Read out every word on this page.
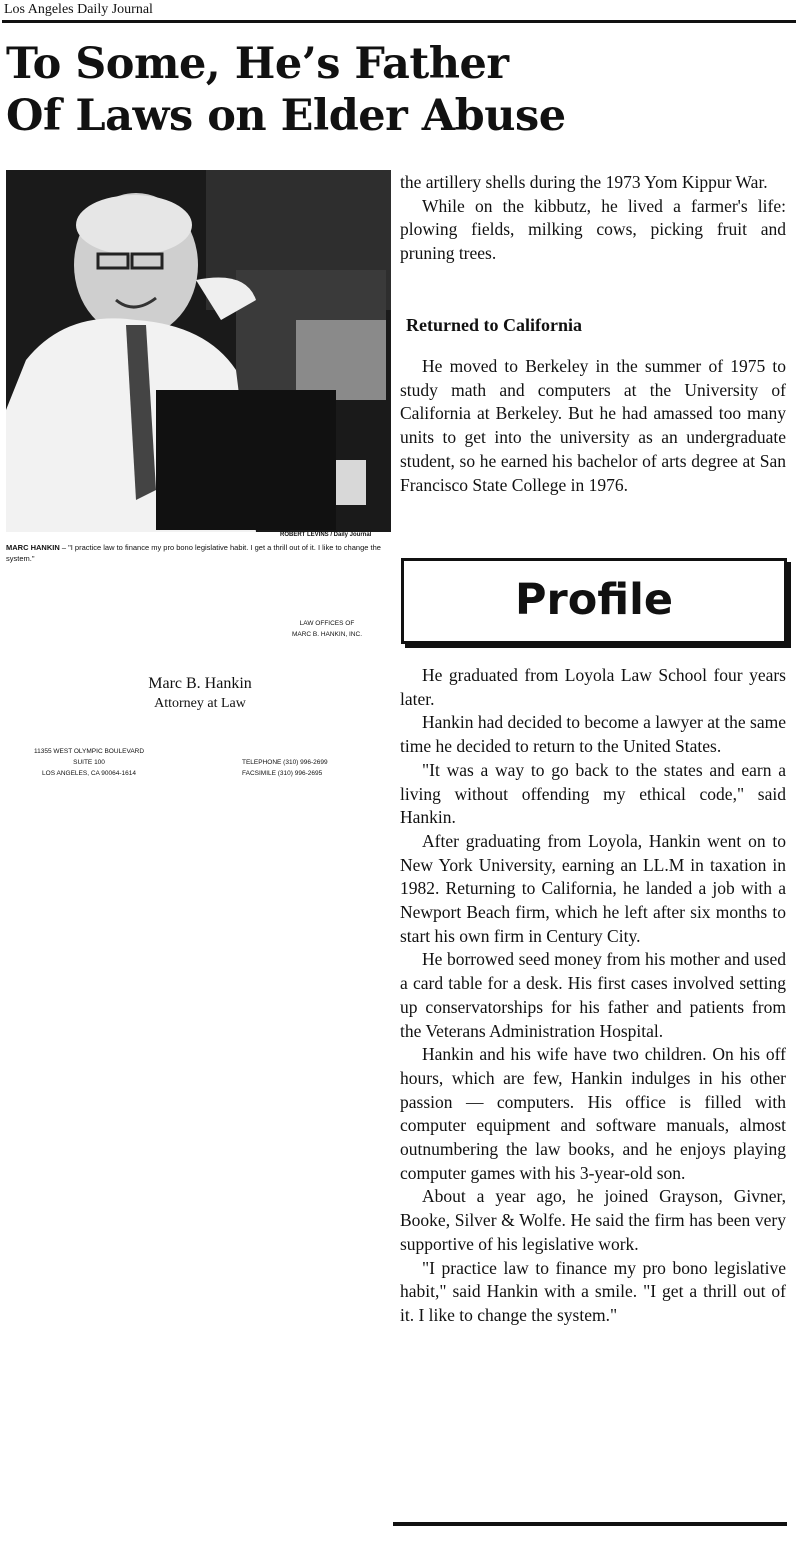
Los Angeles Daily Journal
To Some, He’s Father
Of Laws on Elder Abuse
ROBERT LEVINS / Daily Journal
MARC HANKIN – "I practice law to finance my pro bono legislative habit. I get a thrill out of it. I like to change the system."
LAW OFFICES OF
MARC B. HANKIN, INC.
Marc B. Hankin
Attorney at Law
11355 WEST OLYMPIC BOULEVARD
SUITE 100
LOS ANGELES, CA 90064-1614
TELEPHONE (310) 996-2699
FACSIMILE (310) 996-2695

the artillery shells during the 1973 Yom Kippur War.

While on the kibbutz, he lived a farmer's life: plowing fields, milking cows, picking fruit and pruning trees.

Returned to California

He moved to Berkeley in the summer of 1975 to study math and computers at the University of California at Berkeley. But he had amassed too many units to get into the university as an undergraduate student, so he earned his bachelor of arts degree at San Francisco State College in 1976.

Profile

He graduated from Loyola Law School four years later.

Hankin had decided to become a lawyer at the same time he decided to return to the United States.

"It was a way to go back to the states and earn a living without offending my ethical code," said Hankin.

After graduating from Loyola, Hankin went on to New York University, earning an LL.M in taxation in 1982. Returning to California, he landed a job with a Newport Beach firm, which he left after six months to start his own firm in Century City.

He borrowed seed money from his mother and used a card table for a desk. His first cases involved setting up conservatorships for his father and patients from the Veterans Administration Hospital.

Hankin and his wife have two children. On his off hours, which are few, Hankin indulges in his other passion — computers. His office is filled with computer equipment and software manuals, almost outnumbering the law books, and he enjoys playing computer games with his 3-year-old son.

About a year ago, he joined Grayson, Givner, Booke, Silver & Wolfe. He said the firm has been very supportive of his legislative work.

"I practice law to finance my pro bono legislative habit," said Hankin with a smile. "I get a thrill out of it. I like to change the system."
